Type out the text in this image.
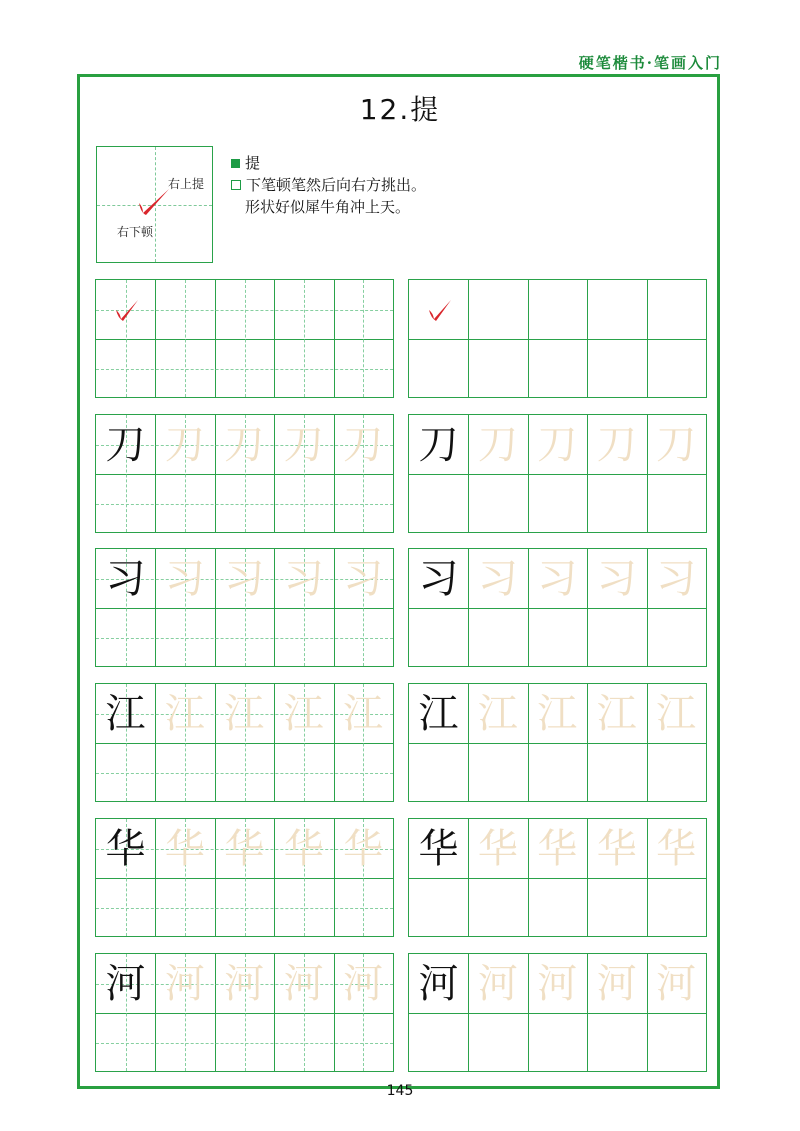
硬笔楷书·笔画入门
12.提
右上提
右下顿
提
下笔顿笔然后向右方挑出。
形状好似犀牛角冲上天。
刀 刀 刀 刀 刀 刀 刀 刀 刀 刀
习 习 习 习 习 习 习 习 习 习
江 江 江 江 江 江 江 江 江 江
华 华 华 华 华 华 华 华 华 华
河 河 河 河 河 河 河 河 河 河
145
